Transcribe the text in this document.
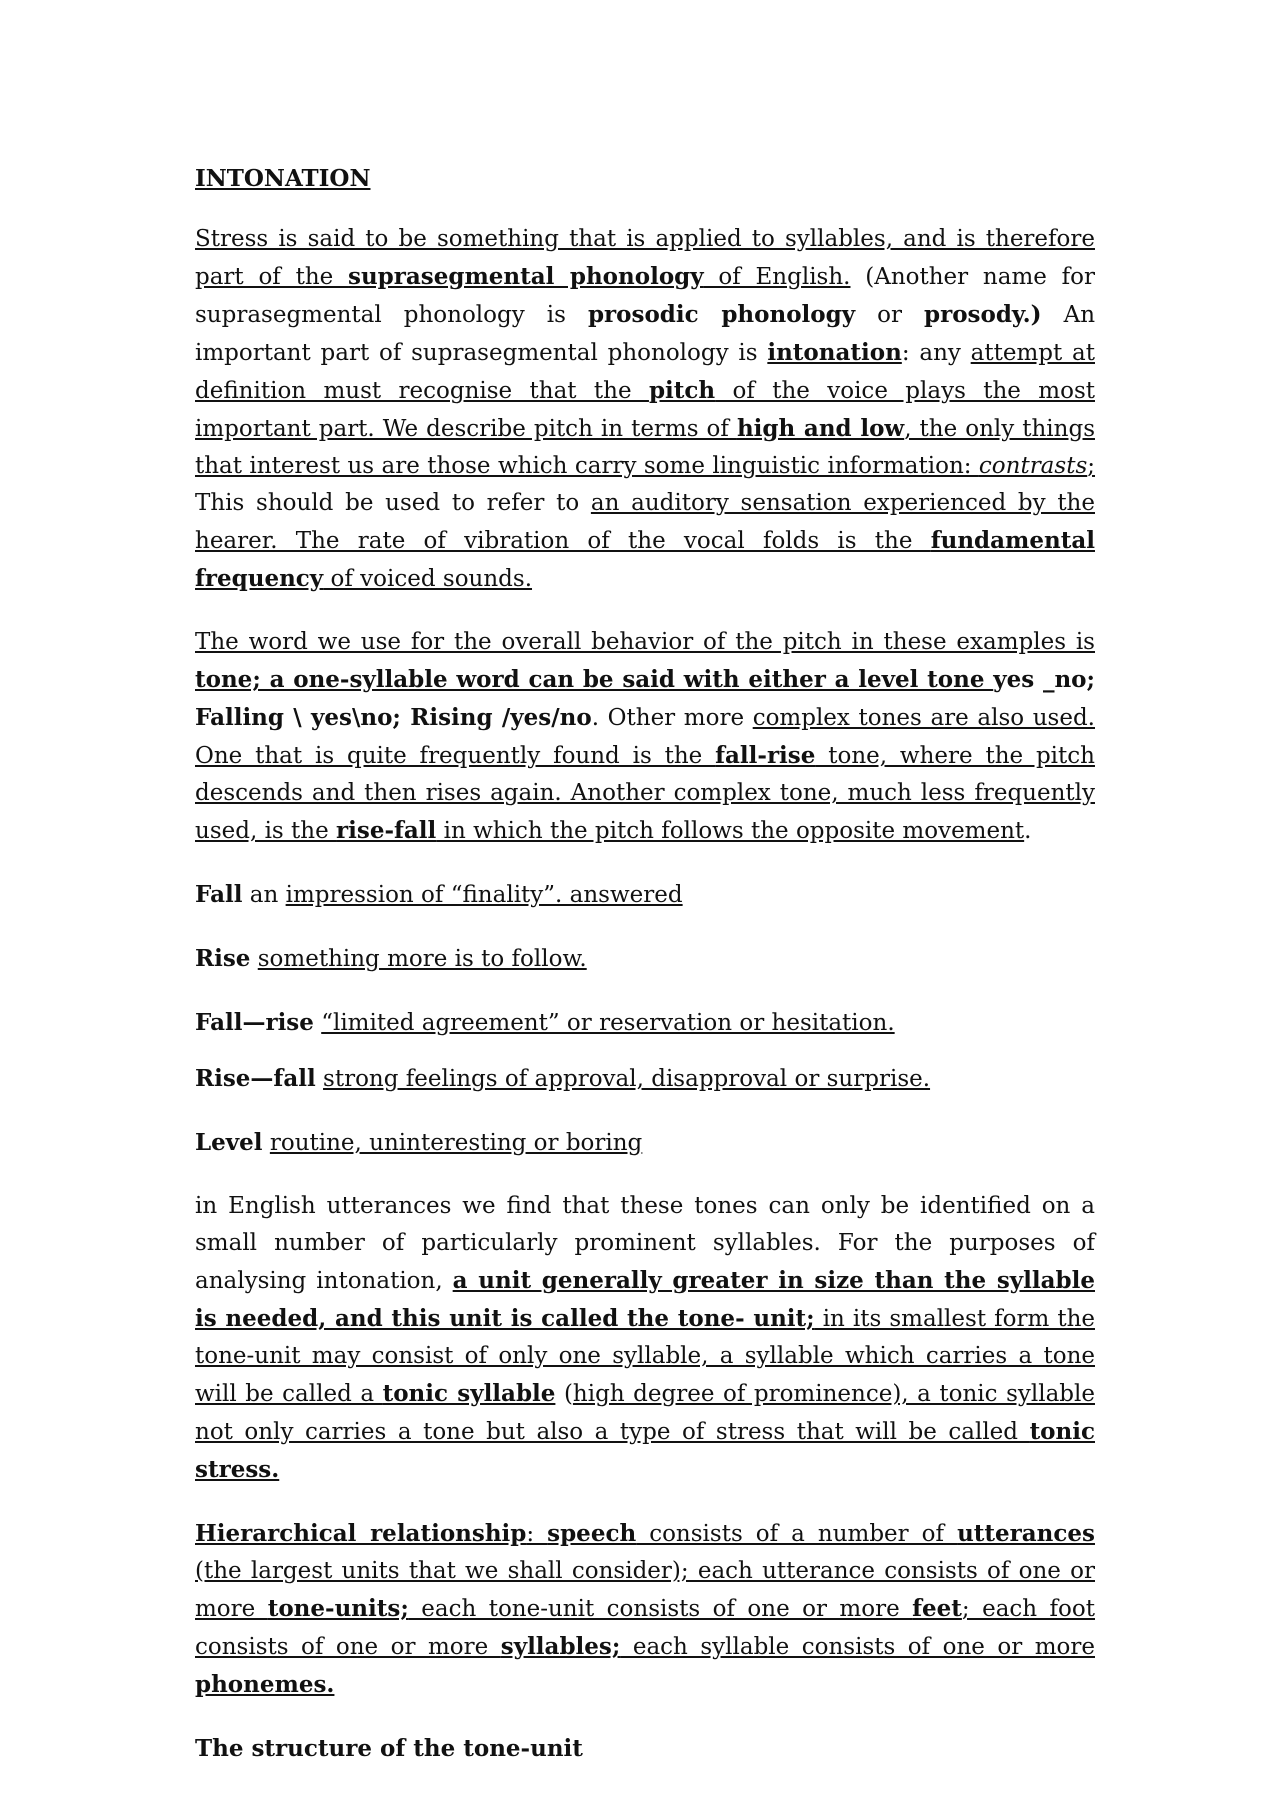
INTONATION

Stress is said to be something that is applied to syllables, and is therefore part of the suprasegmental phonology of English. (Another name for suprasegmental phonology is prosodic phonology or prosody.) An important part of suprasegmental phonology is intonation: any attempt at definition must recognise that the pitch of the voice plays the most important part. We describe pitch in terms of high and low, the only things that interest us are those which carry some linguistic information: contrasts; This should be used to refer to an auditory sensation experienced by the hearer. The rate of vibration of the vocal folds is the fundamental frequency of voiced sounds.

The word we use for the overall behavior of the pitch in these examples is tone; a one-syllable word can be said with either a level tone yes _no; Falling \ yes\no; Rising /yes/no. Other more complex tones are also used. One that is quite frequently found is the fall-rise tone, where the pitch descends and then rises again. Another complex tone, much less frequently used, is the rise-fall in which the pitch follows the opposite movement.

Fall an impression of “finality”. answered
Rise something more is to follow.
Fall—rise “limited agreement” or reservation or hesitation.
Rise—fall strong feelings of approval, disapproval or surprise.
Level routine, uninteresting or boring

in English utterances we find that these tones can only be identified on a small number of particularly prominent syllables. For the purposes of analysing intonation, a unit generally greater in size than the syllable is needed, and this unit is called the tone- unit; in its smallest form the tone-unit may consist of only one syllable, a syllable which carries a tone will be called a tonic syllable (high degree of prominence), a tonic syllable not only carries a tone but also a type of stress that will be called tonic stress.

Hierarchical relationship: speech consists of a number of utterances (the largest units that we shall consider); each utterance consists of one or more tone-units; each tone-unit consists of one or more feet; each foot consists of one or more syllables; each syllable consists of one or more phonemes.

The structure of the tone-unit
